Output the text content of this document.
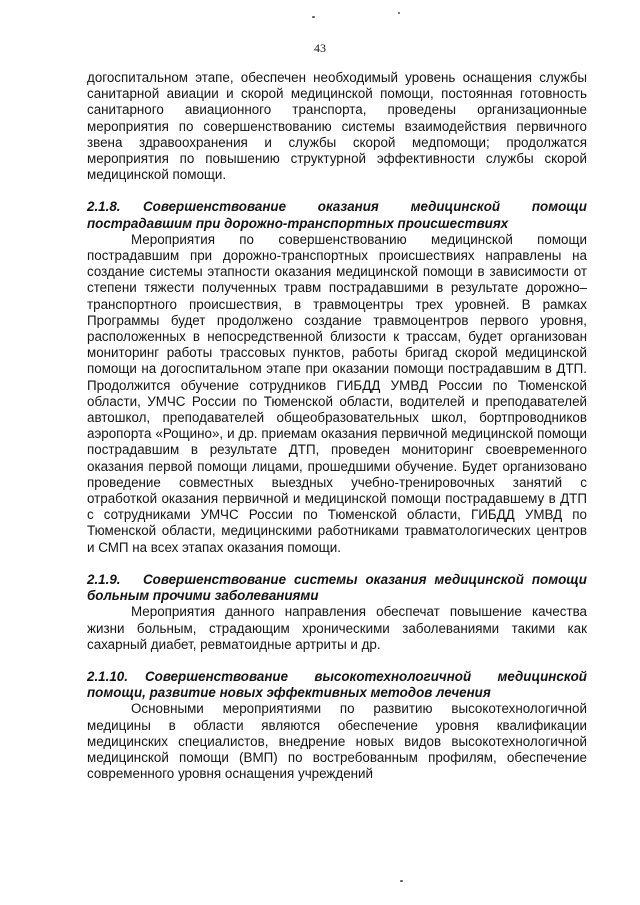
43

догоспитальном этапе, обеспечен необходимый уровень оснащения службы санитарной авиации и скорой медицинской помощи, постоянная готовность санитарного авиационного транспорта, проведены организационные мероприятия по совершенствованию системы взаимодействия первичного звена здравоохранения и службы скорой медпомощи; продолжатся мероприятия по повышению структурной эффективности службы скорой медицинской помощи.

2.1.8. Совершенствование оказания медицинской помощи пострадавшим при дорожно-транспортных происшествиях

Мероприятия по совершенствованию медицинской помощи пострадавшим при дорожно-транспортных происшествиях направлены на создание системы этапности оказания медицинской помощи в зависимости от степени тяжести полученных травм пострадавшими в результате дорожно–транспортного происшествия, в травмоцентры трех уровней. В рамках Программы будет продолжено создание травмоцентров первого уровня, расположенных в непосредственной близости к трассам, будет организован мониторинг работы трассовых пунктов, работы бригад скорой медицинской помощи на догоспитальном этапе при оказании помощи пострадавшим в ДТП. Продолжится обучение сотрудников ГИБДД УМВД России по Тюменской области, УМЧС России по Тюменской области, водителей и преподавателей автошкол, преподавателей общеобразовательных школ, бортпроводников аэропорта «Рощино», и др. приемам оказания первичной медицинской помощи пострадавшим в результате ДТП, проведен мониторинг своевременного оказания первой помощи лицами, прошедшими обучение. Будет организовано проведение совместных выездных учебно-тренировочных занятий с отработкой оказания первичной и медицинской помощи пострадавшему в ДТП с сотрудниками УМЧС России по Тюменской области, ГИБДД УМВД по Тюменской области, медицинскими работниками травматологических центров и СМП на всех этапах оказания помощи.

2.1.9. Совершенствование системы оказания медицинской помощи больным прочими заболеваниями

Мероприятия данного направления обеспечат повышение качества жизни больным, страдающим хроническими заболеваниями такими как сахарный диабет, ревматоидные артриты и др.

2.1.10. Совершенствование высокотехнологичной медицинской помощи, развитие новых эффективных методов лечения

Основными мероприятиями по развитию высокотехнологичной медицины в области являются обеспечение уровня квалификации медицинских специалистов, внедрение новых видов высокотехнологичной медицинской помощи (ВМП) по востребованным профилям, обеспечение современного уровня оснащения учреждений
